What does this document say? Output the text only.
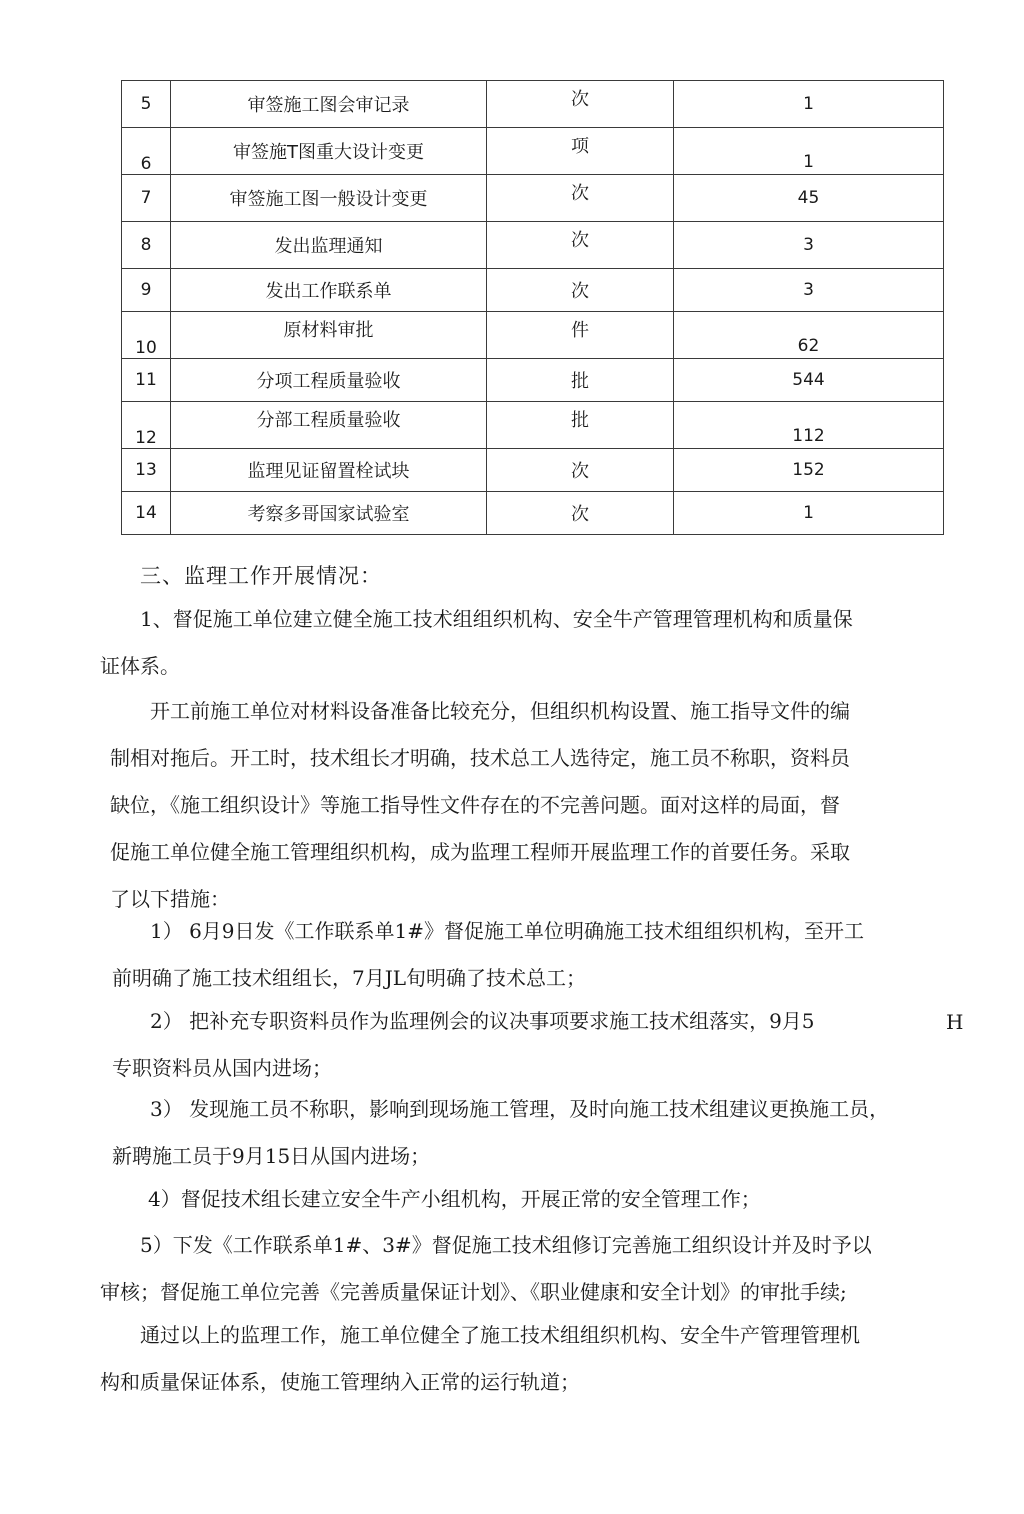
5	审签施工图会审记录	次	1
6	审签施T图重大设计变更	项	1
7	审签施工图一般设计变更	次	45
8	发出监理通知	次	3
9	发出工作联系单	次	3
10	原材料审批	件	62
11	分项工程质量验收	批	544
12	分部工程质量验收	批	112
13	监理见证留置栓试块	次	152
14	考察多哥国家试验室	次	1
三、监理工作开展情况：

1、督促施工单位建立健全施工技术组组织机构、安全牛产管理管理机构和质量保
证体系。

开工前施工单位对材料设备准备比较充分，但组织机构设置、施工指导文件的编
制相对拖后。开工时，技术组长才明确，技术总工人选待定，施工员不称职，资料员
缺位，《施工组织设计》等施工指导性文件存在的不完善问题。面对这样的局面，督
促施工单位健全施工管理组织机构，成为监理工程师开展监理工作的首要任务。采取
了以下措施：

1） 6月9日发《工作联系单1#》督促施工单位明确施工技术组组织机构，至开工
前明确了施工技术组组长，7月JL旬明确了技术总工；

2） 把补充专职资料员作为监理例会的议决事项要求施工技术组落实，9月5
专职资料员从国内进场；

H

3） 发现施工员不称职，影响到现场施工管理，及时向施工技术组建议更换施工员，
新聘施工员于9月15日从国内进场；

4）督促技术组长建立安全牛产小组机构，开展正常的安全管理工作；

5）下发《工作联系单1#、3#》督促施工技术组修订完善施工组织设计并及时予以
审核；督促施工单位完善《完善质量保证计划》、《职业健康和安全计划》的审批手续;

通过以上的监理工作，施工单位健全了施工技术组组织机构、安全牛产管理管理机
构和质量保证体系，使施工管理纳入正常的运行轨道；
